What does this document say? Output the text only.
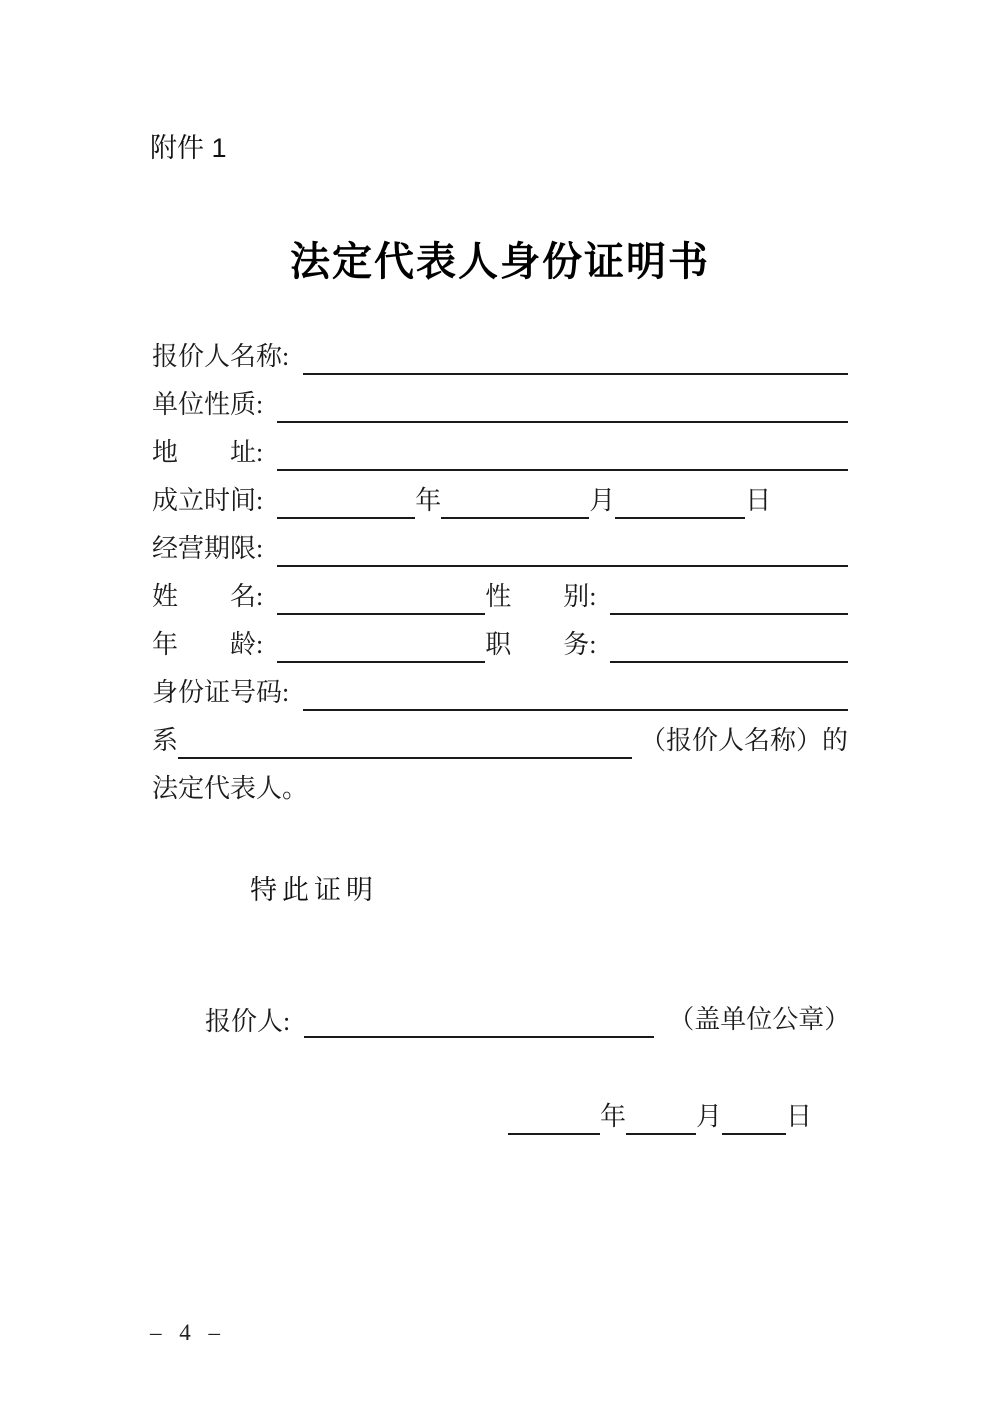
附件 1
法定代表人身份证明书
报价人名称:
单位性质:
地　　址:
成立时间:	年	月	日
经营期限:
姓　　名:	性　　别:
年　　龄:	职　　务:
身份证号码:
系	（报价人名称）的
法定代表人。
特此证明
报价人:	（盖单位公章）
年	月 日
– 4 –
